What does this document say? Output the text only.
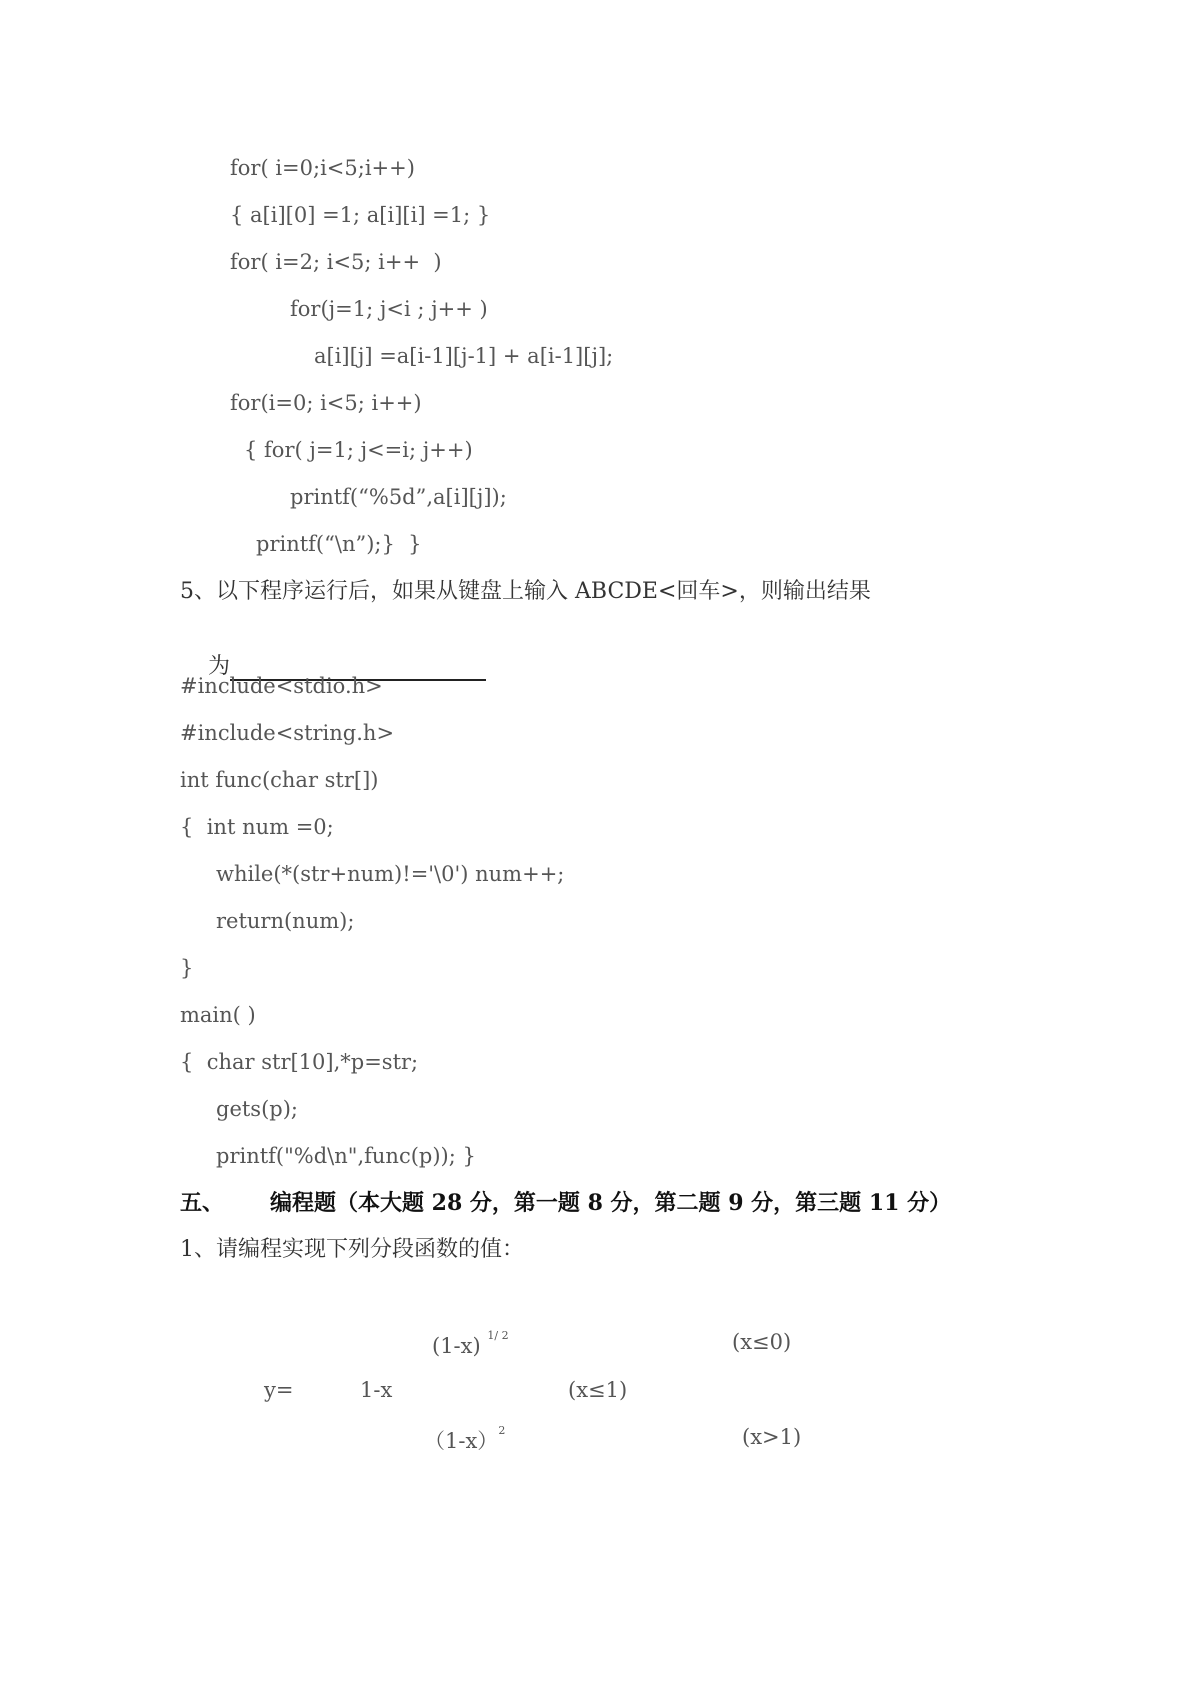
for( i=0;i<5;i++)
{ a[i][0] =1; a[i][i] =1; }
for( i=2; i<5; i++  )
for(j=1; j<i ; j++ )
a[i][j] =a[i-1][j-1] + a[i-1][j];
for(i=0; i<5; i++)
{ for( j=1; j<=i; j++)
printf(“%5d”,a[i][j]);
printf(“\n”);}  }
5、以下程序运行后，如果从键盘上输入 ABCDE<回车>，则输出结果

为

#include<stdio.h>
#include<string.h>
int func(char str[])
{  int num =0;
while(*(str+num)!='\0') num++;
return(num);
}
main( )
{  char str[10],*p=str;
gets(p);
printf("%d\n",func(p)); }
五、 编程题（本大题 28 分，第一题 8 分，第二题 9 分，第三题 11 分）
1、请编程实现下列分段函数的值：
(1-x) $^{1/ 2}$	(x≤0)
y=	1-x	(x≤1)
$(1-x)^2$	(x>1)
